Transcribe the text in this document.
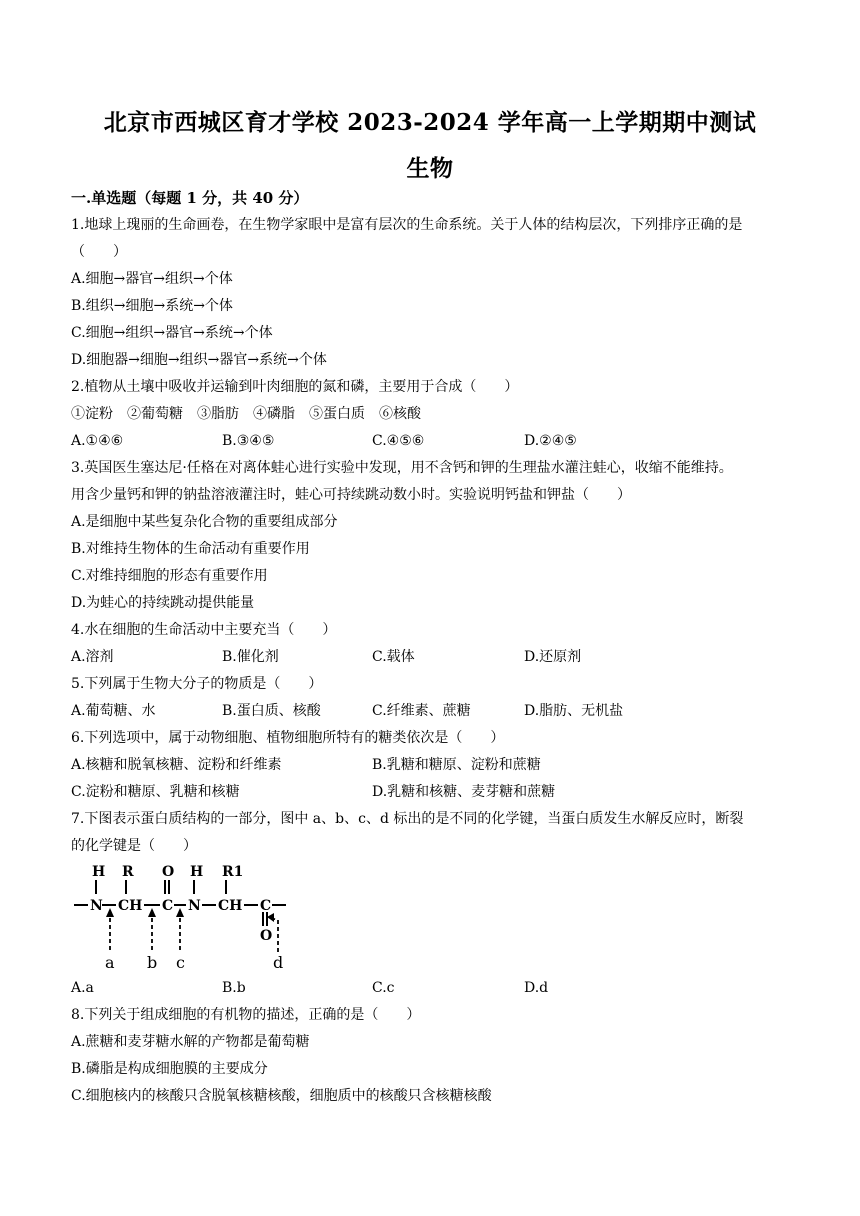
北京市西城区育才学校 2023-2024 学年高一上学期期中测试
生物
一.单选题（每题 1 分，共 40 分）
1.地球上瑰丽的生命画卷，在生物学家眼中是富有层次的生命系统。关于人体的结构层次，下列排序正确的是
（　　）
A.细胞→器官→组织→个体
B.组织→细胞→系统→个体
C.细胞→组织→器官→系统→个体
D.细胞器→细胞→组织→器官→系统→个体
2.植物从土壤中吸收并运输到叶肉细胞的氮和磷，主要用于合成（　　）
①淀粉　②葡萄糖　③脂肪　④磷脂　⑤蛋白质　⑥核酸
A.①④⑥	B.③④⑤	C.④⑤⑥	D.②④⑤
3.英国医生塞达尼·任格在对离体蛙心进行实验中发现，用不含钙和钾的生理盐水灌注蛙心，收缩不能维持。
用含少量钙和钾的钠盐溶液灌注时，蛙心可持续跳动数小时。实验说明钙盐和钾盐（　　）
A.是细胞中某些复杂化合物的重要组成部分
B.对维持生物体的生命活动有重要作用
C.对维持细胞的形态有重要作用
D.为蛙心的持续跳动提供能量
4.水在细胞的生命活动中主要充当（　　）
A.溶剂	B.催化剂	C.载体	D.还原剂
5.下列属于生物大分子的物质是（　　）
A.葡萄糖、水	B.蛋白质、核酸	C.纤维素、蔗糖	D.脂肪、无机盐
6.下列选项中，属于动物细胞、植物细胞所特有的糖类依次是（　　）
A.核糖和脱氧核糖、淀粉和纤维素	B.乳糖和糖原、淀粉和蔗糖
C.淀粉和糖原、乳糖和核糖	D.乳糖和核糖、麦芽糖和蔗糖
7.下图表示蛋白质结构的一部分，图中 a、b、c、d 标出的是不同的化学键，当蛋白质发生水解反应时，断裂
的化学键是（　　）
H R O H R1
N CH C N CH C
O
a b c	d
A.a	B.b	C.c	D.d
8.下列关于组成细胞的有机物的描述，正确的是（　　）
A.蔗糖和麦芽糖水解的产物都是葡萄糖
B.磷脂是构成细胞膜的主要成分
C.细胞核内的核酸只含脱氧核糖核酸，细胞质中的核酸只含核糖核酸
